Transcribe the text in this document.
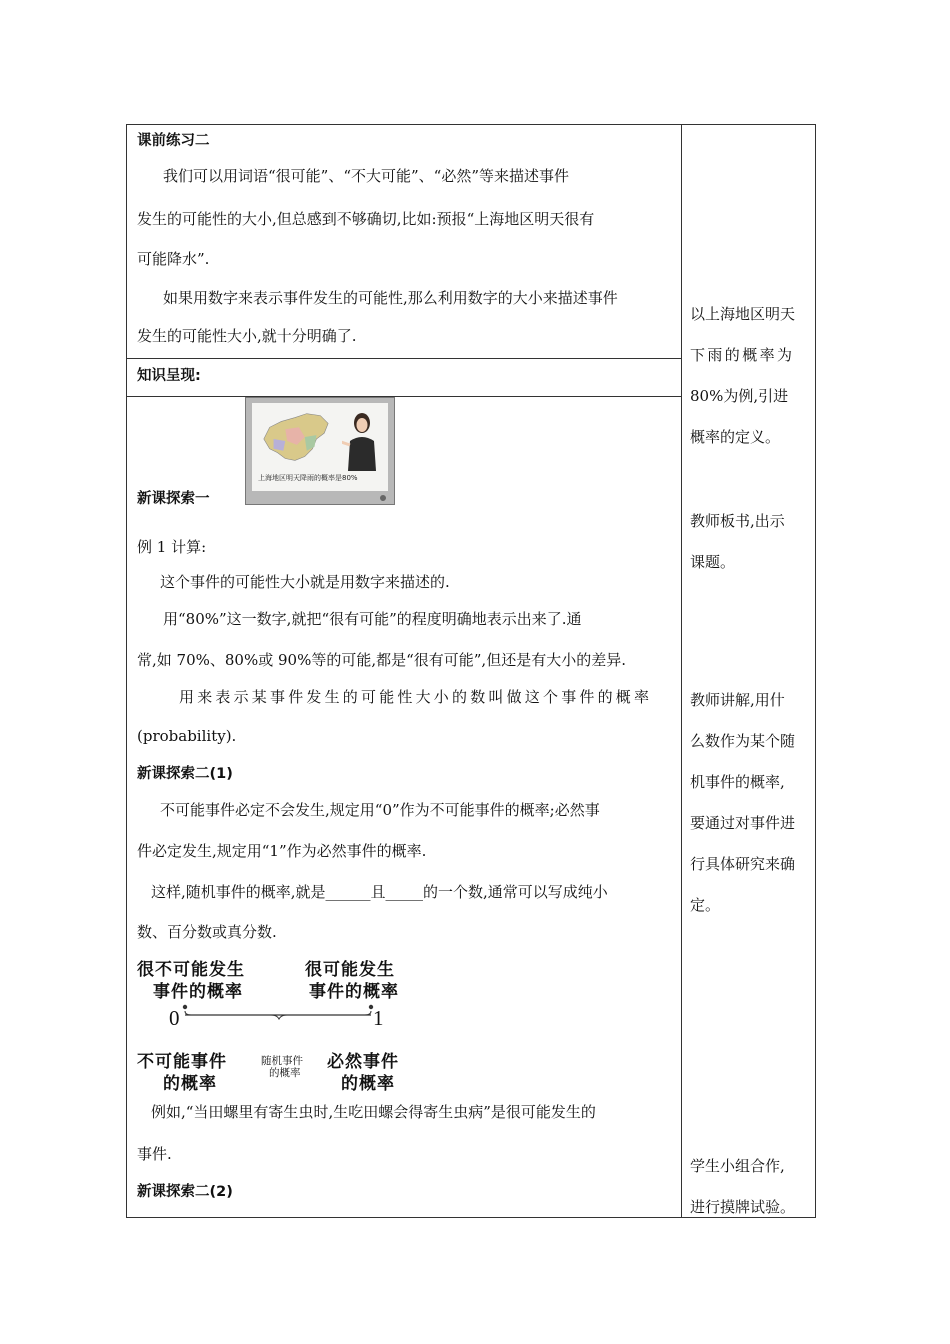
课前练习二
我们可以用词语“很可能”、“不大可能”、“必然”等来描述事件
发生的可能性的大小,但总感到不够确切,比如:预报“上海地区明天很有
可能降水”.
如果用数字来表示事件发生的可能性,那么利用数字的大小来描述事件
发生的可能性大小,就十分明确了.
知识呈现:
上海地区明天降雨的概率是80%
新课探索一
例 1 计算:
这个事件的可能性大小就是用数字来描述的.
用“80%”这一数字,就把“很有可能”的程度明确地表示出来了.通
常,如 70%、80%或 90%等的可能,都是“很有可能”,但还是有大小的差异.
用来表示某事件发生的可能性大小的数叫做这个事件的概率
(probability).
新课探索二(1)
不可能事件必定不会发生,规定用“0”作为不可能事件的概率;必然事
件必定发生,规定用“1”作为必然事件的概率.
这样,随机事件的概率,就是______且_____的一个数,通常可以写成纯小
数、百分数或真分数.
很不可能发生
事件的概率
很可能发生
事件的概率
0	1
不可能事件
的概率
随机事件
的概率
必然事件
的概率
例如,“当田螺里有寄生虫时,生吃田螺会得寄生虫病”是很可能发生的
事件.
新课探索二(2)
以上海地区明天
下雨的概率为
80%为例,引进
概率的定义。
教师板书,出示
课题。
教师讲解,用什
么数作为某个随
机事件的概率,
要通过对事件进
行具体研究来确
定。
学生小组合作,
进行摸牌试验。
